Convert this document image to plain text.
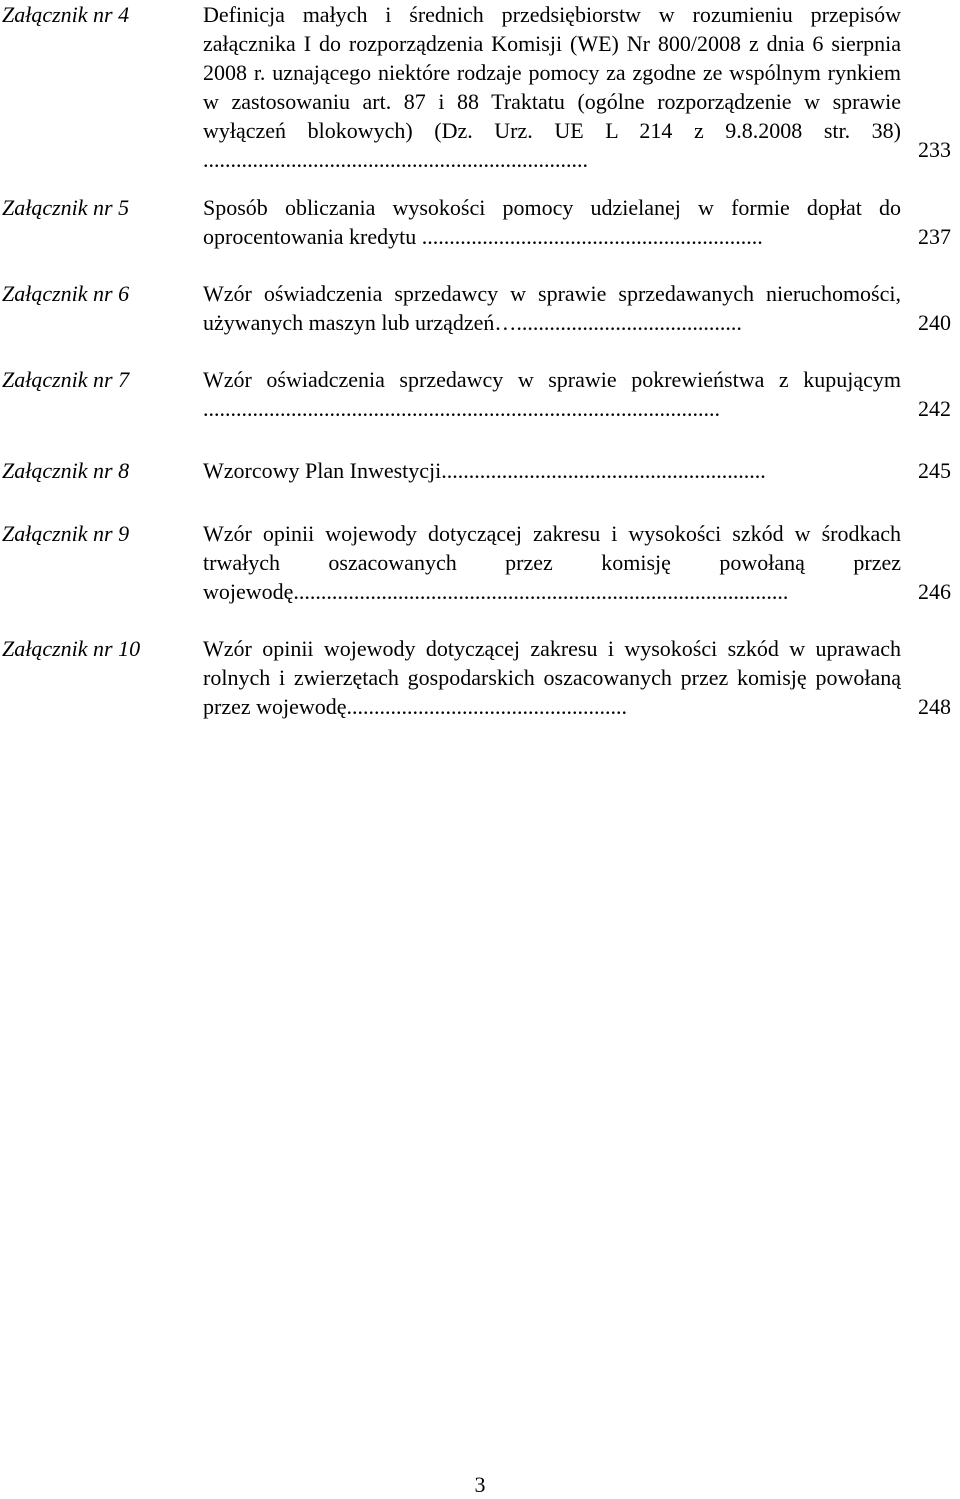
Załącznik nr 4	Definicja małych i średnich przedsiębiorstw w rozumieniu przepisów załącznika I do rozporządzenia Komisji (WE) Nr 800/2008 z dnia 6 sierpnia 2008 r. uznającego niektóre rodzaje pomocy za zgodne ze wspólnym rynkiem w zastosowaniu art. 87 i 88 Traktatu (ogólne rozporządzenie w sprawie wyłączeń blokowych) (Dz. Urz. UE L 214 z 9.8.2008 str. 38) ......................................................................	233
Załącznik nr 5	Sposób obliczania wysokości pomocy udzielanej w formie dopłat do oprocentowania kredytu ..............................................................	237
Załącznik nr 6	Wzór oświadczenia sprzedawcy w sprawie sprzedawanych nieruchomości, używanych maszyn lub urządzeń….........................................	240
Załącznik nr 7	Wzór oświadczenia sprzedawcy w sprawie pokrewieństwa z kupującym ..............................................................................................	242
Załącznik nr 8	Wzorcowy Plan Inwestycji...........................................................	245
Załącznik nr 9	Wzór opinii wojewody dotyczącej zakresu i wysokości szkód w środkach trwałych oszacowanych przez komisję powołaną przez wojewodę..........................................................................................	246
Załącznik nr 10	Wzór opinii wojewody dotyczącej zakresu i wysokości szkód w uprawach rolnych i zwierzętach gospodarskich oszacowanych przez komisję powołaną przez wojewodę...................................................	248
3
